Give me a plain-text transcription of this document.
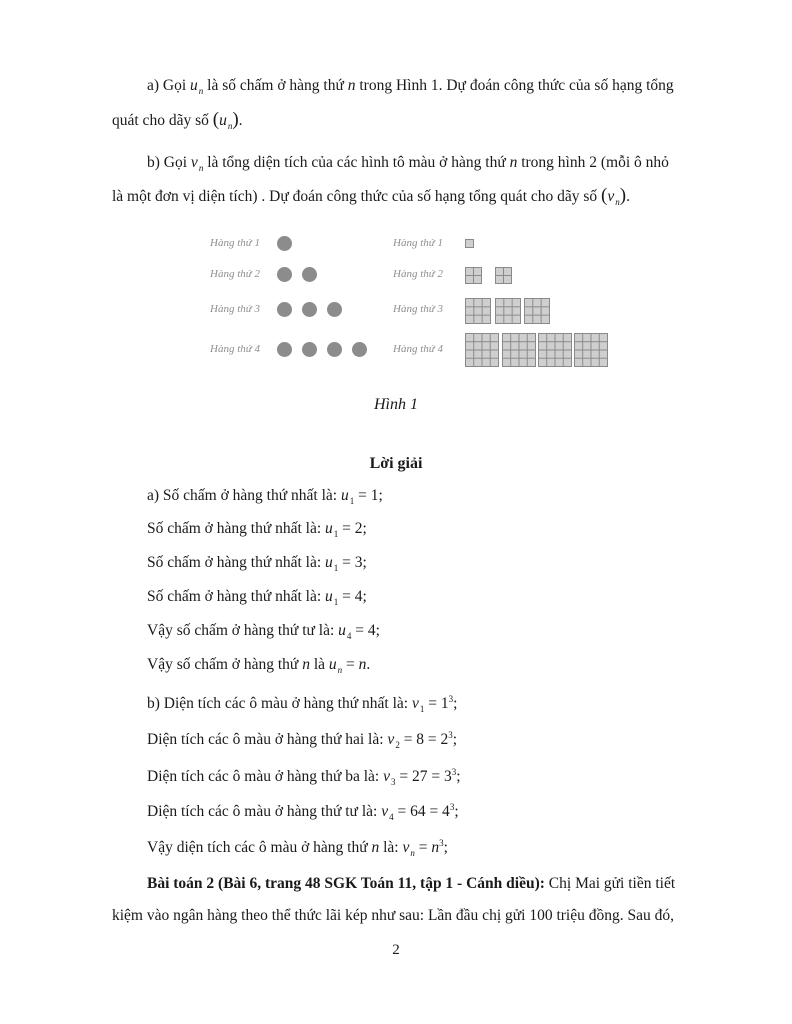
a) Gọi $u_n$ là số chấm ở hàng thứ n trong Hình 1. Dự đoán công thức của số hạng tổng
quát cho dãy số $(u_n)$.
b) Gọi $v_n$ là tổng diện tích của các hình tô màu ở hàng thứ n trong hình 2 (mỗi ô nhỏ
là một đơn vị diện tích) . Dự đoán công thức của số hạng tổng quát cho dãy số $(v_n)$.
Hàng thứ 1
Hàng thứ 2
Hàng thứ 3
Hàng thứ 4
Hàng thứ 1
Hàng thứ 2
Hàng thứ 3
Hàng thứ 4
Hình 1
Lời giải
a) Số chấm ở hàng thứ nhất là: $u_1 = 1$;
Số chấm ở hàng thứ nhất là: $u_1 = 2$;
Số chấm ở hàng thứ nhất là: $u_1 = 3$;
Số chấm ở hàng thứ nhất là: $u_1 = 4$;
Vậy số chấm ở hàng thứ tư là: $u_4 = 4$;
Vậy số chấm ở hàng thứ n là $u_n = n$.
b) Diện tích các ô màu ở hàng thứ nhất là: $v_1 = 1^3$;
Diện tích các ô màu ở hàng thứ hai là: $v_2 = 8 = 2^3$;
Diện tích các ô màu ở hàng thứ ba là: $v_3 = 27 = 3^3$;
Diện tích các ô màu ở hàng thứ tư là: $v_4 = 64 = 4^3$;
Vậy diện tích các ô màu ở hàng thứ n là: $v_n = n^3$;
Bài toán 2 (Bài 6, trang 48 SGK Toán 11, tập 1 - Cánh diều): Chị Mai gửi tiền tiết
kiệm vào ngân hàng theo thể thức lãi kép như sau: Lần đầu chị gửi 100 triệu đồng. Sau đó,
2
